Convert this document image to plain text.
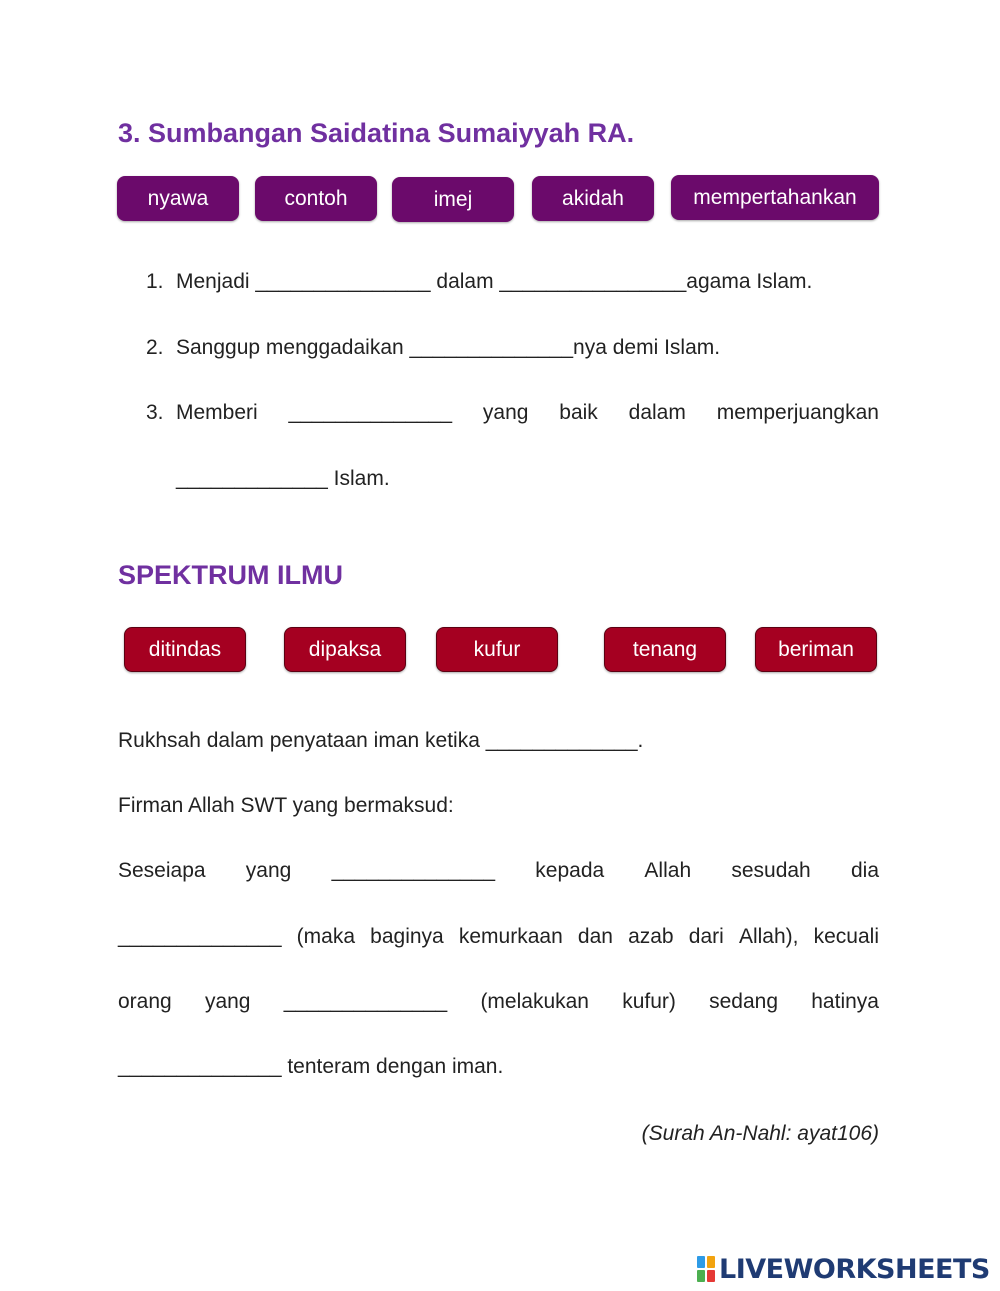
3. Sumbangan Saidatina Sumaiyyah RA.
nyawa	contoh	imej	akidah	mempertahankan
1. Menjadi _______________ dalam ________________agama Islam.
2. Sanggup menggadaikan ______________nya demi Islam.
3. Memberi ______________ yang baik dalam memperjuangkan
_____________ Islam.
SPEKTRUM ILMU
ditindas	dipaksa	kufur	tenang	beriman
Rukhsah dalam penyataan iman ketika _____________.
Firman Allah SWT yang bermaksud:
Seseiapa yang ______________ kepada Allah sesudah dia
______________ (maka baginya kemurkaan dan azab dari Allah), kecuali
orang yang ______________ (melakukan kufur) sedang hatinya
______________ tenteram dengan iman.
(Surah An-Nahl: ayat106)
LIVEWORKSHEETS
